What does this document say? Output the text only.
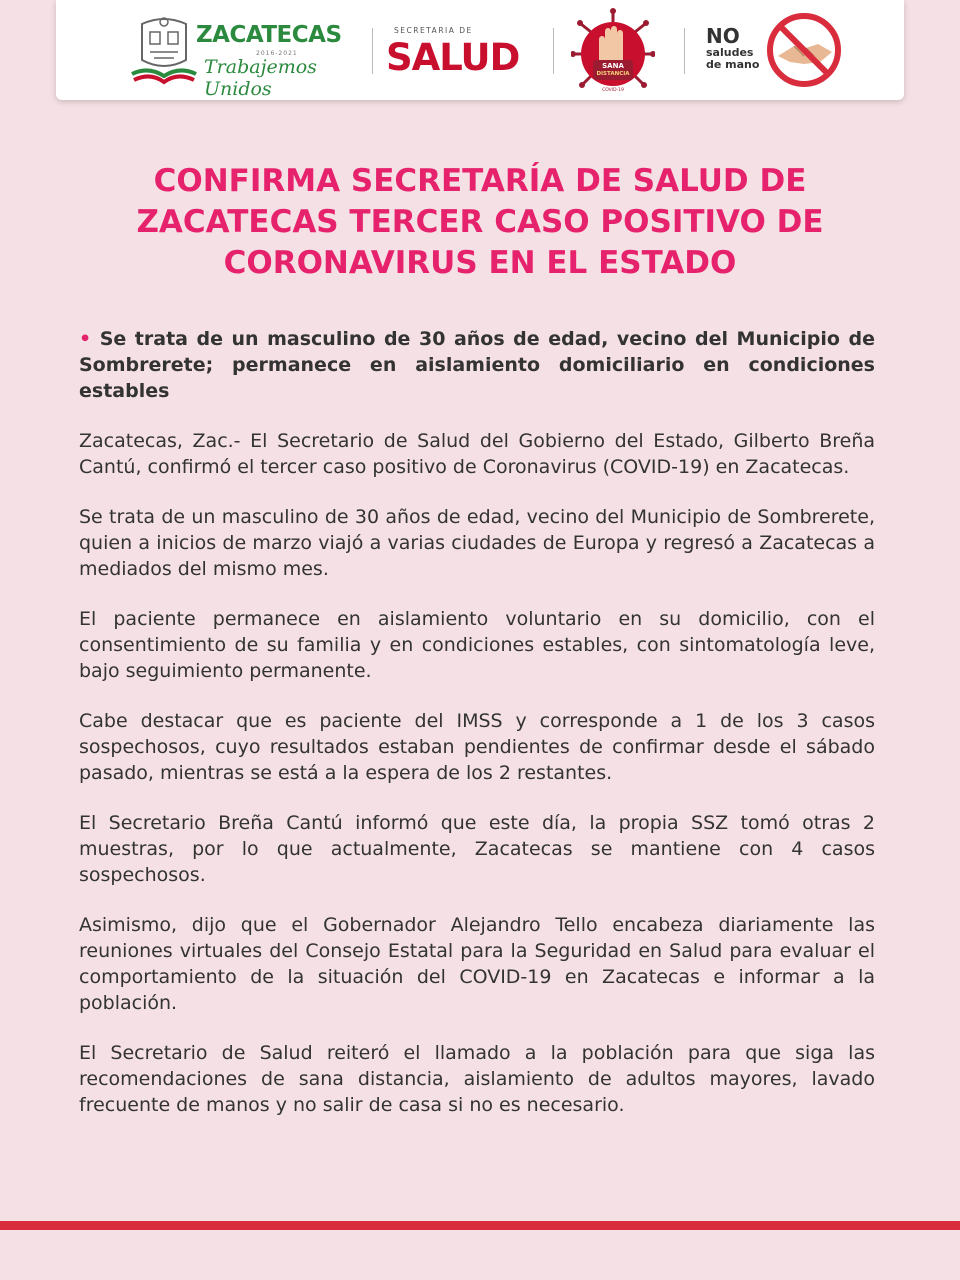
ZACATECAS
2016-2021
Trabajemos Unidos
SECRETARIA DE
SALUD	SANA
DISTANCIA
COVID-19
NO
saludes
de mano
CONFIRMA SECRETARÍA DE SALUD DE ZACATECAS TERCER CASO POSITIVO DE CORONAVIRUS EN EL ESTADO

• Se trata de un masculino de 30 años de edad, vecino del Municipio de Sombrerete; permanece en aislamiento domiciliario en condiciones estables

Zacatecas, Zac.- El Secretario de Salud del Gobierno del Estado, Gilberto Breña Cantú, confirmó el tercer caso positivo de Coronavirus (COVID-19) en Zacatecas.

Se trata de un masculino de 30 años de edad, vecino del Municipio de Sombrerete, quien a inicios de marzo viajó a varias ciudades de Europa y regresó a Zacatecas a mediados del mismo mes.

El paciente permanece en aislamiento voluntario en su domicilio, con el consentimiento de su familia y en condiciones estables, con sintomatología leve, bajo seguimiento permanente.

Cabe destacar que es paciente del IMSS y corresponde a 1 de los 3 casos sospechosos, cuyo resultados estaban pendientes de confirmar desde el sábado pasado, mientras se está a la espera de los 2 restantes.

El Secretario Breña Cantú informó que este día, la propia SSZ tomó otras 2 muestras, por lo que actualmente, Zacatecas se mantiene con 4 casos sospechosos.

Asimismo, dijo que el Gobernador Alejandro Tello encabeza diariamente las reuniones virtuales del Consejo Estatal para la Seguridad en Salud para evaluar el comportamiento de la situación del COVID-19 en Zacatecas e informar a la población.

El Secretario de Salud reiteró el llamado a la población para que siga las recomendaciones de sana distancia, aislamiento de adultos mayores, lavado frecuente de manos y no salir de casa si no es necesario.
